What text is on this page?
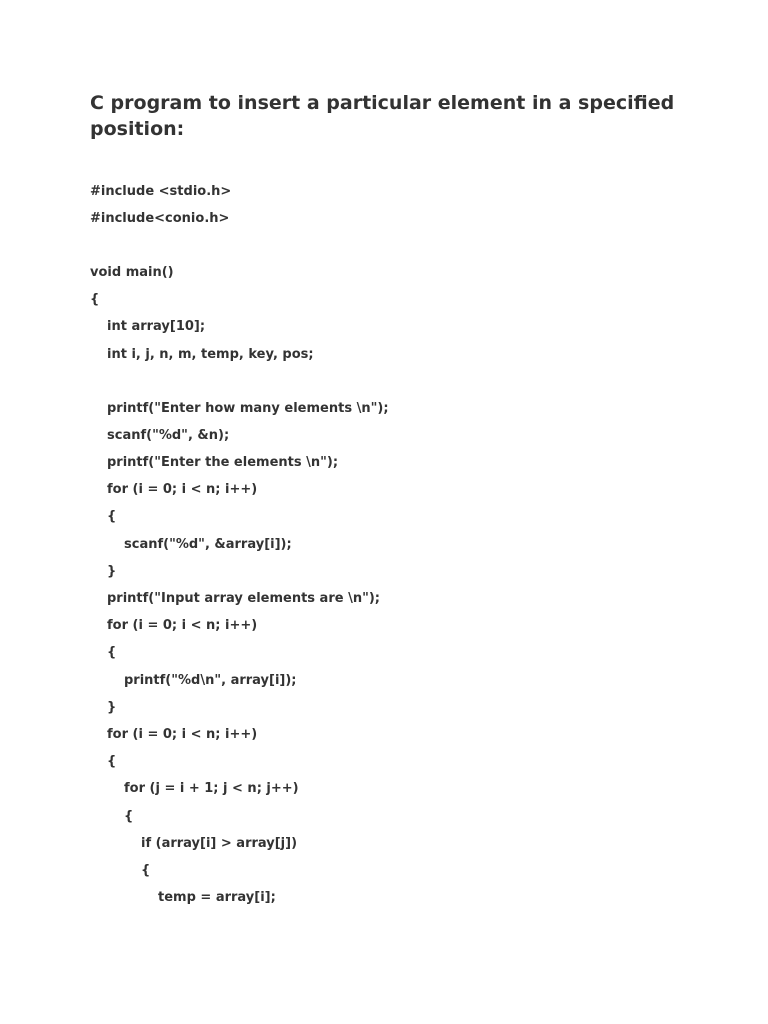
C program to insert a particular element in a specified
position:
#include <stdio.h>
#include<conio.h>
void main()
{
int array[10];
int i, j, n, m, temp, key, pos;
printf("Enter how many elements \n");
scanf("%d", &n);
printf("Enter the elements \n");
for (i = 0; i < n; i++)
{
scanf("%d", &array[i]);
}
printf("Input array elements are \n");
for (i = 0; i < n; i++)
{
printf("%d\n", array[i]);
}
for (i = 0; i < n; i++)
{
for (j = i + 1; j < n; j++)
{
if (array[i] > array[j])
{
temp = array[i];
